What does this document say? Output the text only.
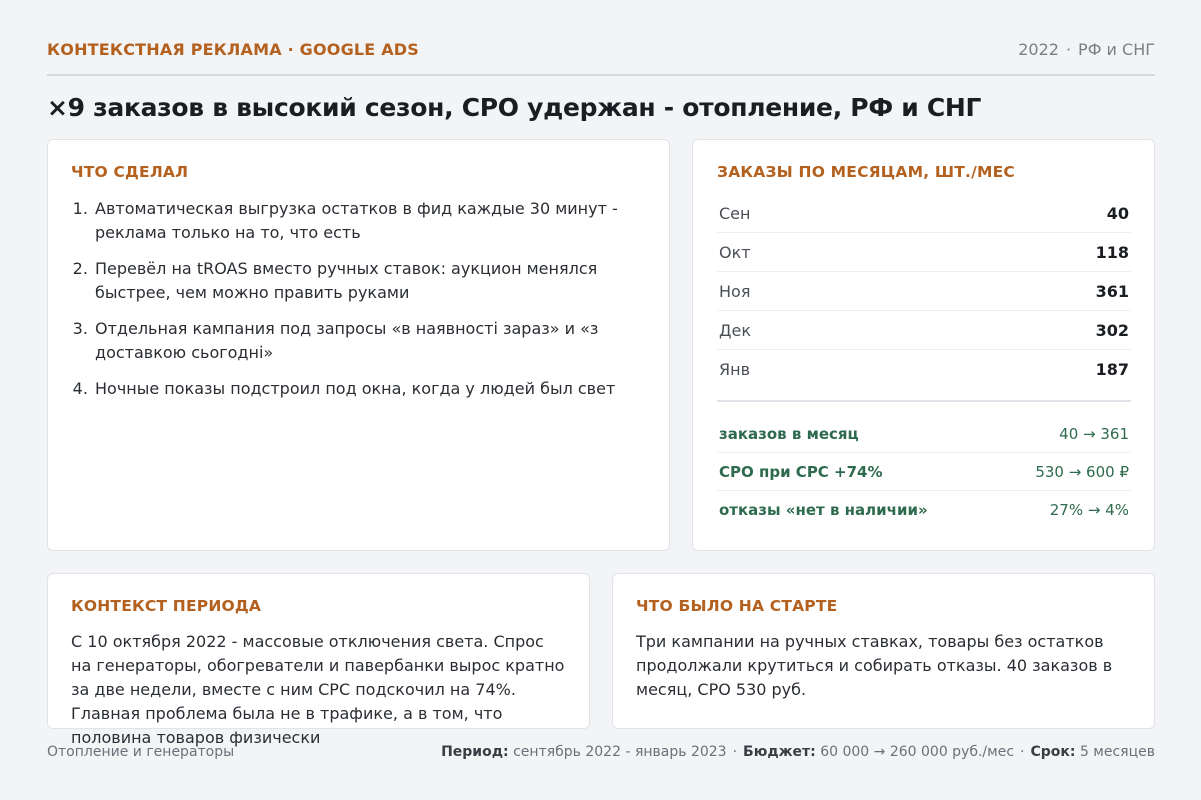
КОНТЕКСТНАЯ РЕКЛАМА · GOOGLE ADS	2022 · РФ и СНГ
×9 заказов в высокий сезон, CPO удержан - отопление, РФ и СНГ
ЧТО СДЕЛАЛ
1. Автоматическая выгрузка остатков в фид каждые 30 минут - реклама только на то, что есть
2. Перевёл на tROAS вместо ручных ставок: аукцион менялся быстрее, чем можно править руками
3. Отдельная кампания под запросы «в наявності зараз» и «з доставкою сьогодні»
4. Ночные показы подстроил под окна, когда у людей был свет
ЗАКАЗЫ ПО МЕСЯЦАМ, ШТ./МЕС
Сен	40
Окт	118
Ноя	361
Дек	302
Янв	187
заказов в месяц	40 → 361
CPO при CPC +74%	530 → 600 ₽
отказы «нет в наличии»	27% → 4%
КОНТЕКСТ ПЕРИОДА
С 10 октября 2022 - массовые отключения света. Спрос на генераторы, обогреватели и павербанки вырос кратно за две недели, вместе с ним CPC подскочил на 74%. Главная проблема была не в трафике, а в том, что половина товаров физически
ЧТО БЫЛО НА СТАРТЕ
Три кампании на ручных ставках, товары без остатков продолжали крутиться и собирать отказы. 40 заказов в месяц, CPO 530 руб.
Отопление и генераторы	Период: сентябрь 2022 - январь 2023 · Бюджет: 60 000 → 260 000 руб./мес · Срок: 5 месяцев
